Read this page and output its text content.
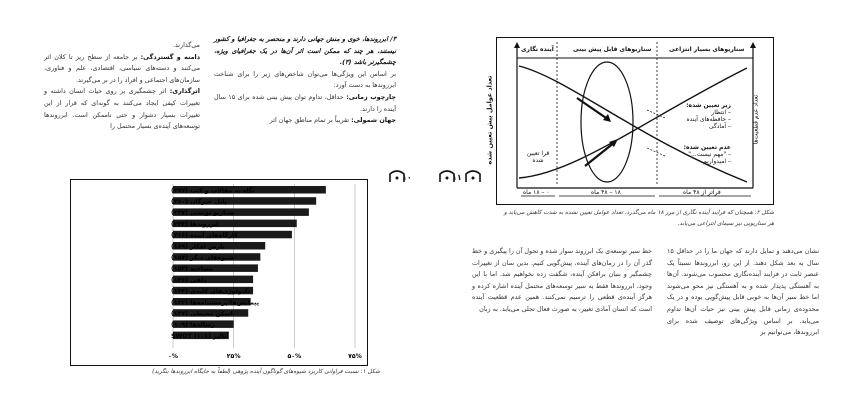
۳/ ابرروندها، خوی و منش جهانی دارند و منحصر به جغرافیا و کشور نیستند، هر چند که ممکن است اثر آن‌ها در یک جغرافیای ویژه، چشمگیرتر باشد (۳).

بر اساس این ویژگی‌ها می‌توان شاخص‌های زیر را برای شناخت ابرروندها به دست آورد:

چارچوب زمانی: حداقل، تداوم توان پیش بینی شده برای ۱۵ سال آینده را دارند.

جهان شمولی: تقریباً بر تمام مناطق جهان اثر

می‌گذارند.

دامنه و گستردگی: بر جامعه از سطح ریز تا کلان اثر می‌کنند و دسته‌های سیاسی، اقتصادی، علم و فناوری، سازمان‌های اجتماعی و افراد را در بر می‌گیرند.

اثرگذاری: اثر چشمگیری بر روی حیات انسان داشته و تغییرات کیفی ایجاد می‌کنند به گونه‌ای که قرار از این تغییرات بسیار دشوار و حتی ناممکن است. ابرروندها توسعه‌های آینده‌ی بسیار محتمل را

۱۰
۰%	۲۵%	۵۰%	۷۵%
نگاه به مقالات و کتب (۲۷۷)
پانل خبرگان (۲۶۰)
سناریو نویسی (۲۴۷)
ابرروندها (۲۲۳)
کارگاه‌های آینده (۲۱۶)
بارش افکار (۱۶۹)
شیوه‌های دیگر (۱۵۷)
مصاحبه (۱۵۴)
دلفی (۱۴۶)
تکنولوژی‌های کلیدی (۱۴۳)
پیمایش‌ها/پرسشنامه‌ها (۱۴۲)
اسکن محیطی (۱۳۷)
رساله‌ها (۱۰۹)
آنالیز SWOT (۱۰۱)
شکل ۱: نسبت فراوانی کاربرد شیوه‌های گوناگون آینده پژوهی (لطفاً به جایگاه ابرروندها بنگرید)
۱۱

نشان می‌دهند و تمایل دارند که جهان ما را در حداقل ۱۵ سال به بعد شکل دهند. از این رو، ابرروندها نسبتاً یک عنصر ثابت در فرایند آینده‌نگاری محسوب می‌شوند. آن‌ها به آهستگی پدیدار شده و به آهستگی نیز محو می‌شوند اما خط سیر آن‌ها به خوبی قابل پیش‌گویی بوده و در یک محدوده‌ی زمانی قابل پیش بینی نیز حیات آن‌ها تداوم می‌یابد. بر اساس ویژگی‌های توصیف شده برای ابرروندها، می‌توانیم بر

خط سیر توسعه‌ی یک ابرروند سوار شده و تحول آن را پیگیری و خط گذر آن را در زمان‌های آینده، پیش‌گویی کنیم. بدین سان از تغییرات چشمگیر و بنیان برافکن آینده، شگفت زده نخواهیم شد. اما با این وجود، ابرروندها فقط به سیر توسعه‌های محتمل آینده اشاره کرده و هرگز آینده‌ی قطعی را ترسیم نمی‌کنند. همین عدم قطعیت آینده است که انسان آمادی تغییر، به صورت فعال تجلی می‌یابد. به زبان

آینده نگاری	سناریوهای قابل پیش بینی	سناریوهای بسیار انتزاعی
تعداد عوامل پیش تعیین شده	تعداد عدم قطعیت‌ها
زیر تعیین شده:
– انتظار
– حافظه‌های آینده
– آمادگی
عدم تعیین شده:
– "مهم نیست..."
– امیدواریم
قرا تعیین شده
۰ – ۱۸ ماه	۱۸ – ۴۸ ماه	فراتر از ۴۸ ماه
شکل ۲: همچنان که فرایند آینده نگاری از مرز ۱۸ ماه می‌گذرد، تعداد عوامل تعیین نشده به شدت کاهش می‌یابد و
هر سناریویی نیز سیمای انتزاعی می‌یابد.
